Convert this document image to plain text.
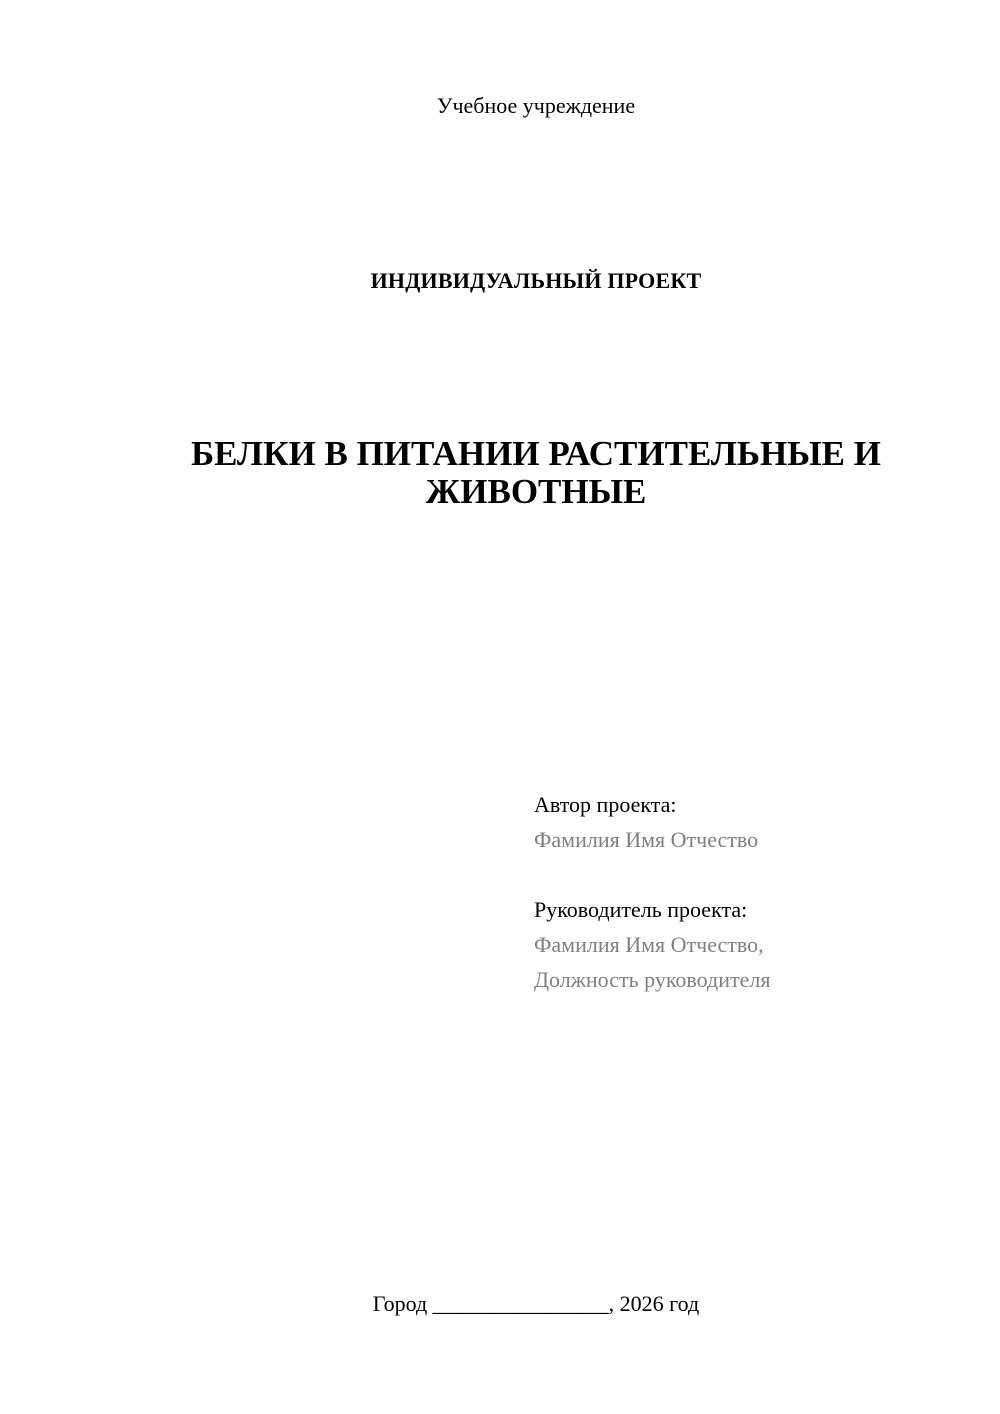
Учебное учреждение
ИНДИВИДУАЛЬНЫЙ ПРОЕКТ
БЕЛКИ В ПИТАНИИ РАСТИТЕЛЬНЫЕ И
ЖИВОТНЫЕ
Автор проекта:
Фамилия Имя Отчество
Руководитель проекта:
Фамилия Имя Отчество,
Должность руководителя
Город ________________, 2026 год
